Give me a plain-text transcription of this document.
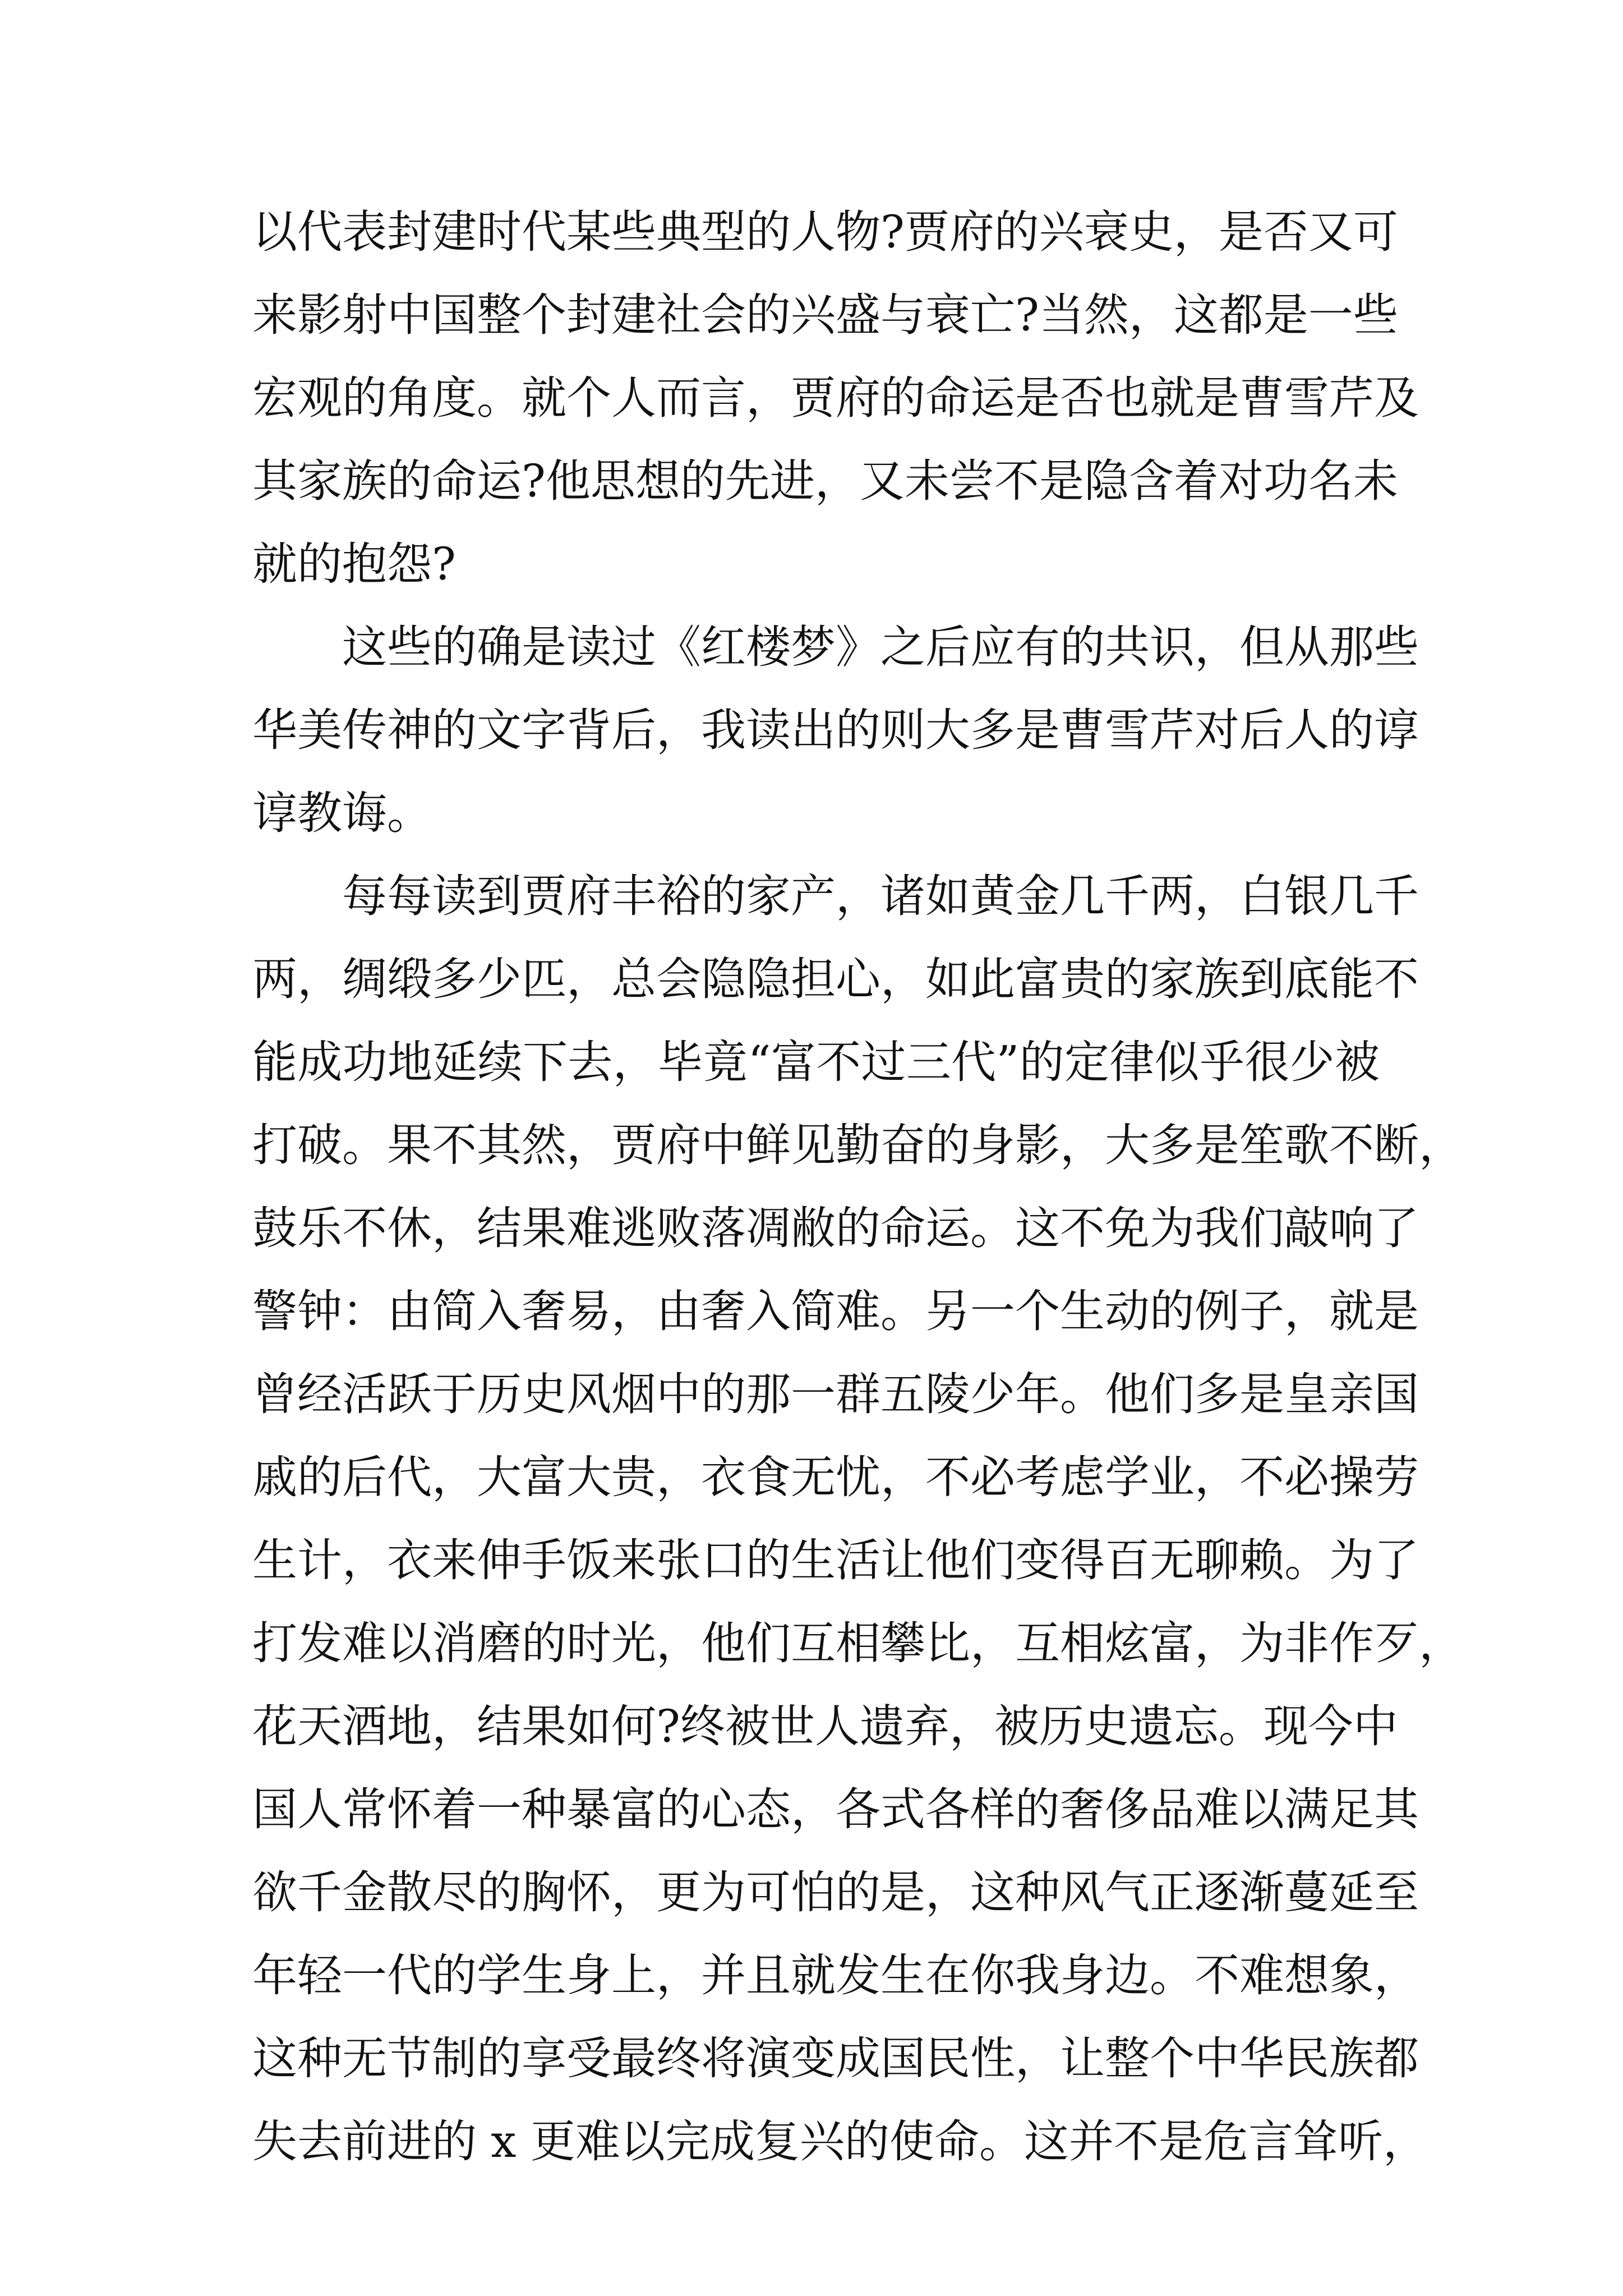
以代表封建时代某些典型的人物?贾府的兴衰史，是否又可
来影射中国整个封建社会的兴盛与衰亡?当然，这都是一些
宏观的角度。就个人而言，贾府的命运是否也就是曹雪芹及
其家族的命运?他思想的先进，又未尝不是隐含着对功名未
就的抱怨?
这些的确是读过《红楼梦》之后应有的共识，但从那些
华美传神的文字背后，我读出的则大多是曹雪芹对后人的谆
谆教诲。
每每读到贾府丰裕的家产，诸如黄金几千两，白银几千
两，绸缎多少匹，总会隐隐担心，如此富贵的家族到底能不
能成功地延续下去，毕竟“富不过三代”的定律似乎很少被
打破。果不其然，贾府中鲜见勤奋的身影，大多是笙歌不断，
鼓乐不休，结果难逃败落凋敝的命运。这不免为我们敲响了
警钟：由简入奢易，由奢入简难。另一个生动的例子，就是
曾经活跃于历史风烟中的那一群五陵少年。他们多是皇亲国
戚的后代，大富大贵，衣食无忧，不必考虑学业，不必操劳
生计，衣来伸手饭来张口的生活让他们变得百无聊赖。为了
打发难以消磨的时光，他们互相攀比，互相炫富，为非作歹，
花天酒地，结果如何?终被世人遗弃，被历史遗忘。现今中
国人常怀着一种暴富的心态，各式各样的奢侈品难以满足其
欲千金散尽的胸怀，更为可怕的是，这种风气正逐渐蔓延至
年轻一代的学生身上，并且就发生在你我身边。不难想象，
这种无节制的享受最终将演变成国民性，让整个中华民族都
失去前进的 x 更难以完成复兴的使命。这并不是危言耸听，
